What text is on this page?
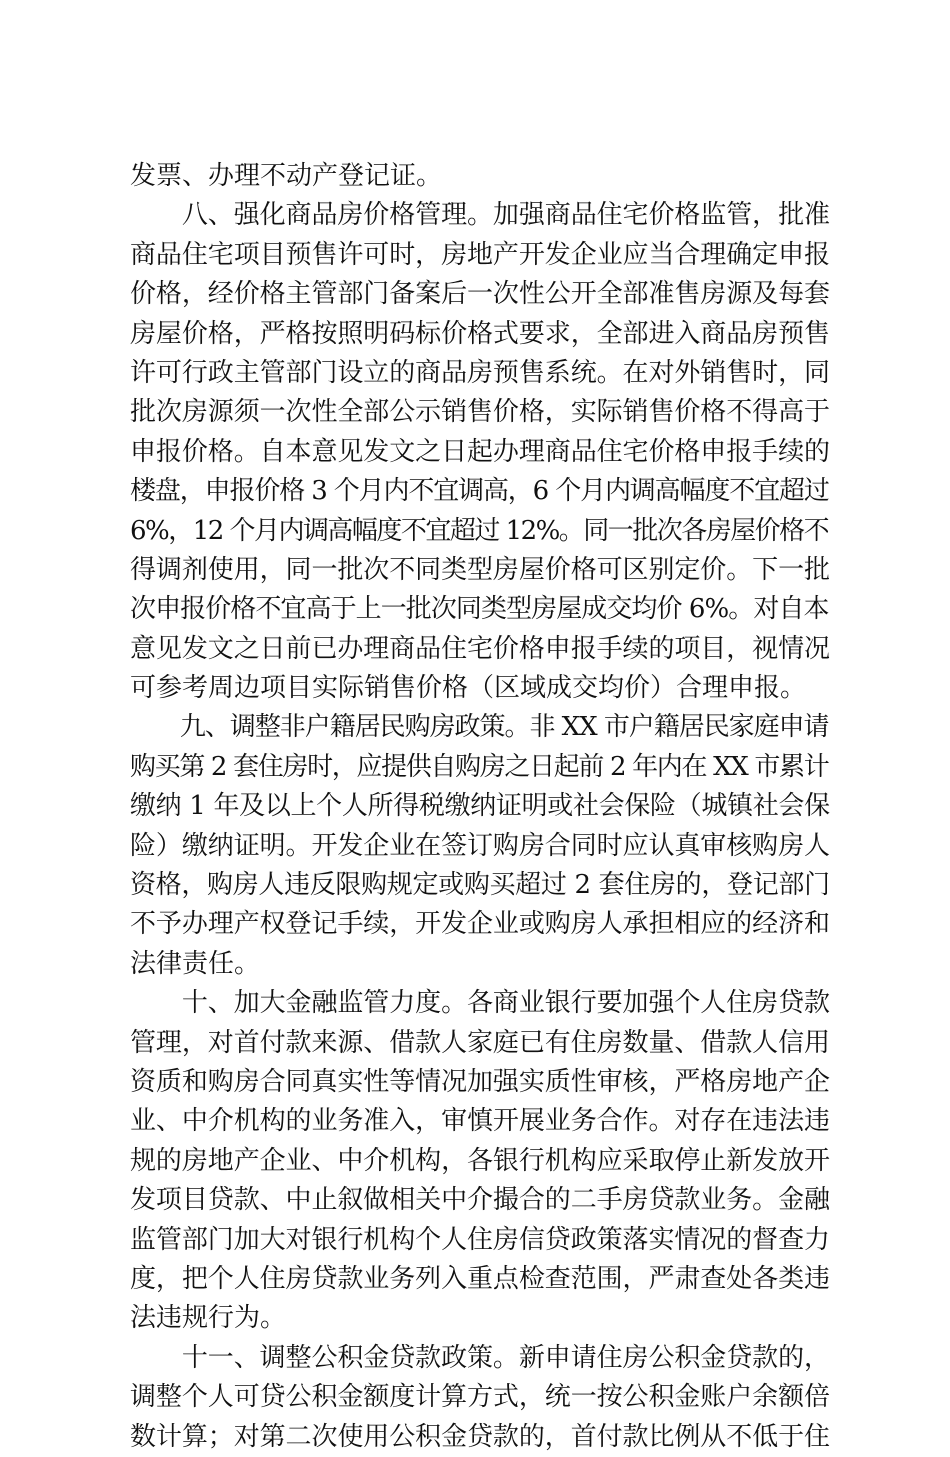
发票、办理不动产登记证。
　　八、强化商品房价格管理。加强商品住宅价格监管，批准
商品住宅项目预售许可时，房地产开发企业应当合理确定申报
价格，经价格主管部门备案后一次性公开全部准售房源及每套
房屋价格，严格按照明码标价格式要求，全部进入商品房预售
许可行政主管部门设立的商品房预售系统。在对外销售时，同
批次房源须一次性全部公示销售价格，实际销售价格不得高于
申报价格。自本意见发文之日起办理商品住宅价格申报手续的
楼盘，申报价格 3 个月内不宜调高，6 个月内调高幅度不宜超过
6%，12 个月内调高幅度不宜超过 12%。同一批次各房屋价格不
得调剂使用，同一批次不同类型房屋价格可区别定价。下一批
次申报价格不宜高于上一批次同类型房屋成交均价 6%。对自本
意见发文之日前已办理商品住宅价格申报手续的项目，视情况
可参考周边项目实际销售价格（区域成交均价）合理申报。
　　九、调整非户籍居民购房政策。非 XX 市户籍居民家庭申请
购买第 2 套住房时，应提供自购房之日起前 2 年内在 XX 市累计
缴纳 1 年及以上个人所得税缴纳证明或社会保险（城镇社会保
险）缴纳证明。开发企业在签订购房合同时应认真审核购房人
资格，购房人违反限购规定或购买超过 2 套住房的，登记部门
不予办理产权登记手续，开发企业或购房人承担相应的经济和
法律责任。
　　十、加大金融监管力度。各商业银行要加强个人住房贷款
管理，对首付款来源、借款人家庭已有住房数量、借款人信用
资质和购房合同真实性等情况加强实质性审核，严格房地产企
业、中介机构的业务准入，审慎开展业务合作。对存在违法违
规的房地产企业、中介机构，各银行机构应采取停止新发放开
发项目贷款、中止叙做相关中介撮合的二手房贷款业务。金融
监管部门加大对银行机构个人住房信贷政策落实情况的督查力
度，把个人住房贷款业务列入重点检查范围，严肃查处各类违
法违规行为。
　　十一、调整公积金贷款政策。新申请住房公积金贷款的，
调整个人可贷公积金额度计算方式，统一按公积金账户余额倍
数计算；对第二次使用公积金贷款的，首付款比例从不低于住
